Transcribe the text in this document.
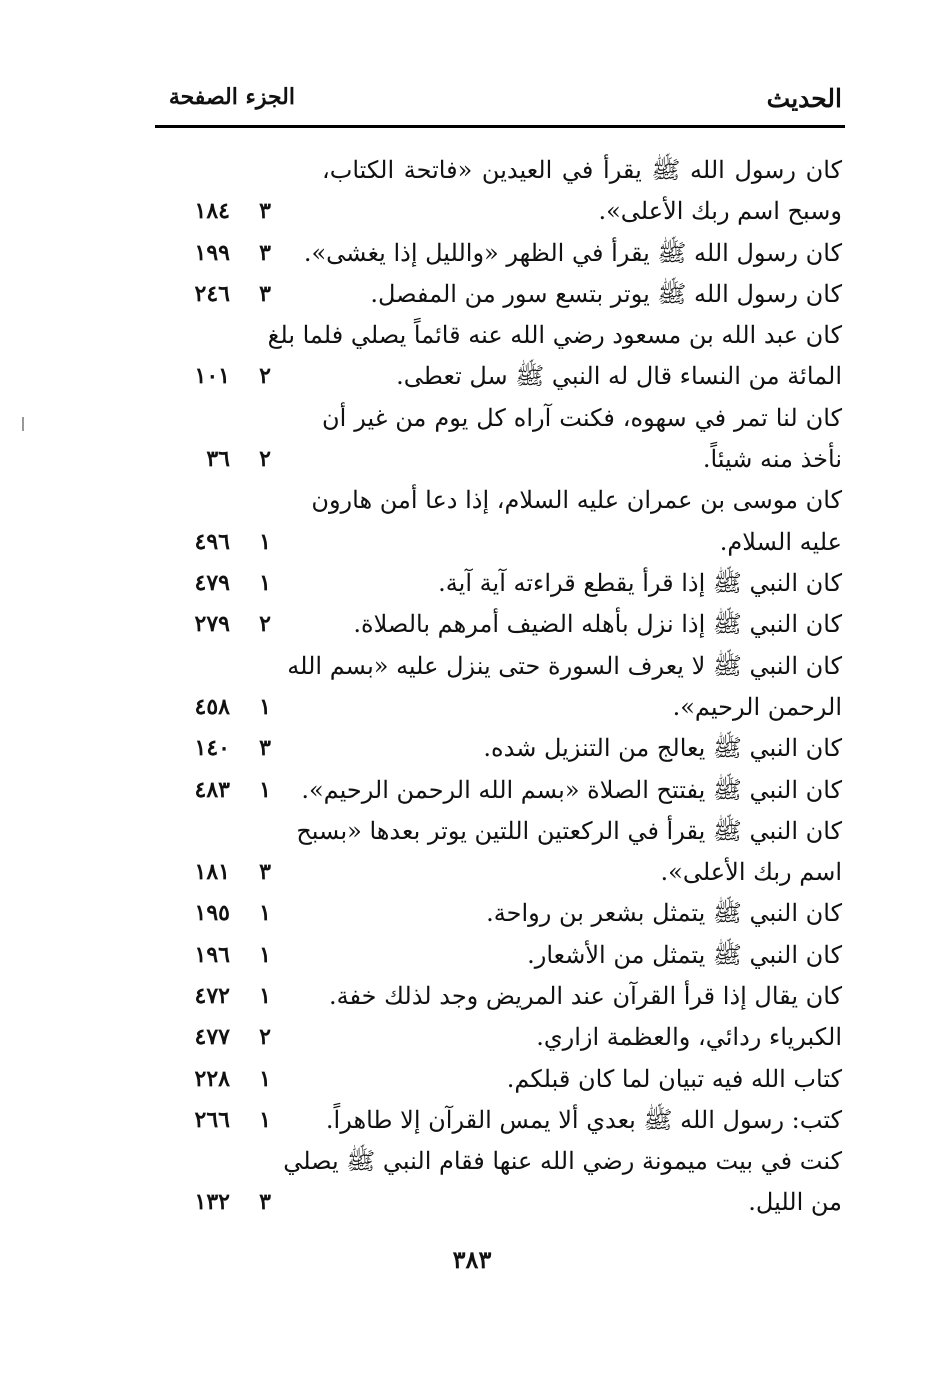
الحديث
الجزء الصفحة
كان رسول الله ﷺ يقرأ في العيدين «فاتحة الكتاب،
وسبح اسم ربك الأعلى».
٣
١٨٤
كان رسول الله ﷺ يقرأ في الظهر «والليل إذا يغشى».
٣
١٩٩
كان رسول الله ﷺ يوتر بتسع سور من المفصل.
٣
٢٤٦
كان عبد الله بن مسعود رضي الله عنه قائماً يصلي فلما بلغ
المائة من النساء قال له النبي ﷺ سل تعطى.
٢
١٠١
كان لنا تمر في سهوه، فكنت آراه كل يوم من غير أن
نأخذ منه شيئاً.
٢
٣٦
كان موسى بن عمران عليه السلام، إذا دعا أمن هارون
عليه السلام.
١
٤٩٦
كان النبي ﷺ إذا قرأ يقطع قراءته آية آية.
١
٤٧٩
كان النبي ﷺ إذا نزل بأهله الضيف أمرهم بالصلاة.
٢
٢٧٩
كان النبي ﷺ لا يعرف السورة حتى ينزل عليه «بسم الله
الرحمن الرحيم».
١
٤٥٨
كان النبي ﷺ يعالج من التنزيل شده.
٣
١٤٠
كان النبي ﷺ يفتتح الصلاة «بسم الله الرحمن الرحيم».
١
٤٨٣
كان النبي ﷺ يقرأ في الركعتين اللتين يوتر بعدها «بسبح
اسم ربك الأعلى».
٣
١٨١
كان النبي ﷺ يتمثل بشعر بن رواحة.
١
١٩٥
كان النبي ﷺ يتمثل من الأشعار.
١
١٩٦
كان يقال إذا قرأ القرآن عند المريض وجد لذلك خفة.
١
٤٧٢
الكبرياء ردائي، والعظمة ازاري.
٢
٤٧٧
كتاب الله فيه تبيان لما كان قبلكم.
١
٢٢٨
كتب: رسول الله ﷺ بعدي ألا يمس القرآن إلا طاهراً.
١
٢٦٦
كنت في بيت ميمونة رضي الله عنها فقام النبي ﷺ يصلي
من الليل.
٣
١٣٢
٣٨٣
